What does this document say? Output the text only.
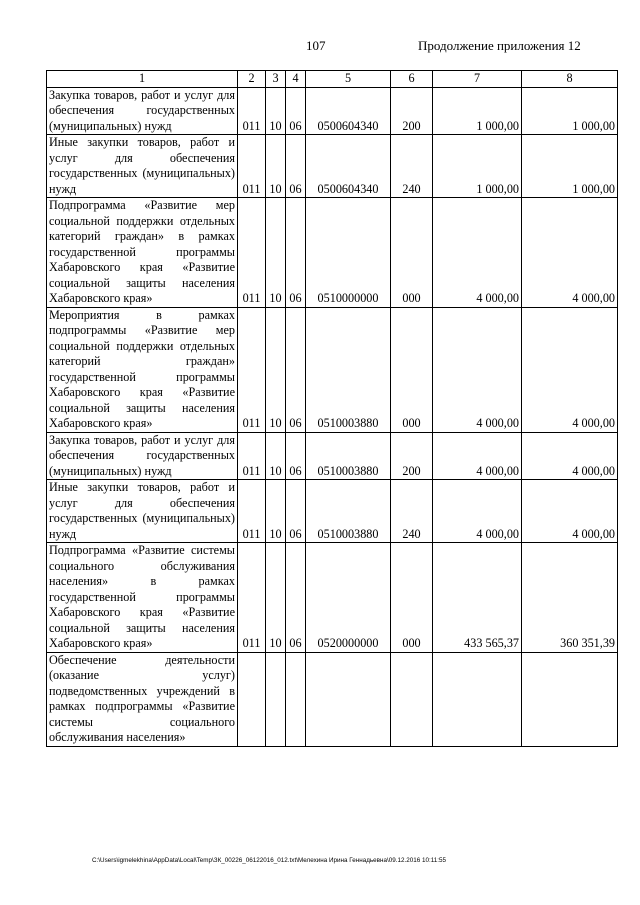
107	Продолжение приложения 12
1	2	3	4	5	6	7	8
Закупка товаров, работ и услуг для обеспечения государственных (муниципальных) нужд	011	10	06	0500604340	200	1 000,00	1 000,00
Иные закупки товаров, работ и услуг для обеспечения государственных (муниципальных) нужд	011	10	06	0500604340	240	1 000,00	1 000,00
Подпрограмма «Развитие мер социальной поддержки отдельных категорий граждан» в рамках государственной программы Хабаровского края «Развитие социальной защиты населения Хабаровского края»	011	10	06	0510000000	000	4 000,00	4 000,00
Мероприятия в рамках подпрограммы «Развитие мер социальной поддержки отдельных категорий граждан» государственной программы Хабаровского края «Развитие социальной защиты населения Хабаровского края»	011	10	06	0510003880	000	4 000,00	4 000,00
Закупка товаров, работ и услуг для обеспечения государственных (муниципальных) нужд	011	10	06	0510003880	200	4 000,00	4 000,00
Иные закупки товаров, работ и услуг для обеспечения государственных (муниципальных) нужд	011	10	06	0510003880	240	4 000,00	4 000,00
Подпрограмма «Развитие системы социального обслуживания населения» в рамках государственной программы Хабаровского края «Развитие социальной защиты населения Хабаровского края»	011	10	06	0520000000	000	433 565,37	360 351,39
Обеспечение деятельности (оказание услуг) подведомственных учреждений в рамках подпрограммы «Развитие системы социального обслуживания населения»							
C:\Users\igmelekhina\AppData\Local\Temp\ЗК_00226_06122016_012.txt\Мелехина Ирина Геннадьевна\09.12.2016 10:11:55
